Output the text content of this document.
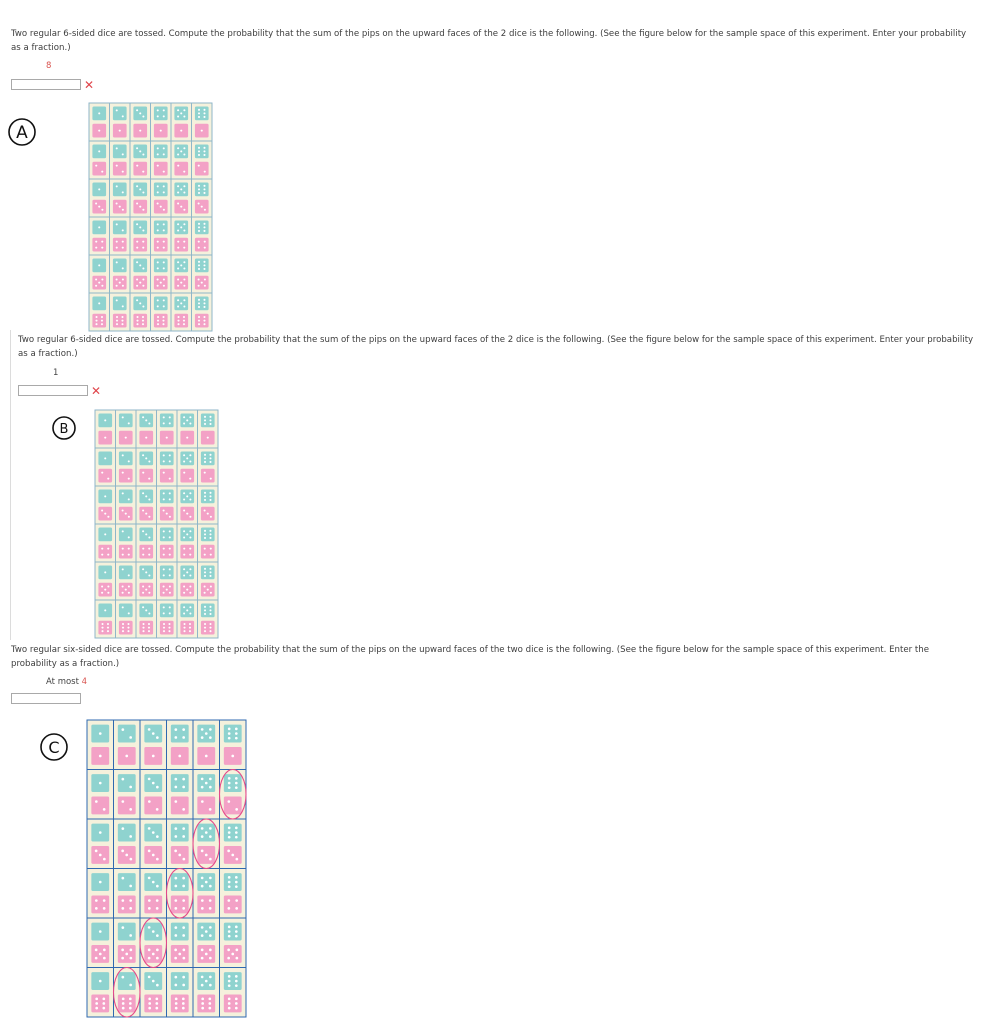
Two regular 6-sided dice are tossed. Compute the probability that the sum of the pips on the upward faces of the 2 dice is the following. (See the figure below for the sample space of this experiment. Enter your probability as a fraction.)

8
✕
A

Two regular 6-sided dice are tossed. Compute the probability that the sum of the pips on the upward faces of the 2 dice is the following. (See the figure below for the sample space of this experiment. Enter your probability as a fraction.)

1
✕
B

Two regular six-sided dice are tossed. Compute the probability that the sum of the pips on the upward faces of the two dice is the following. (See the figure below for the sample space of this experiment. Enter the probability as a fraction.)

At most 4
C
